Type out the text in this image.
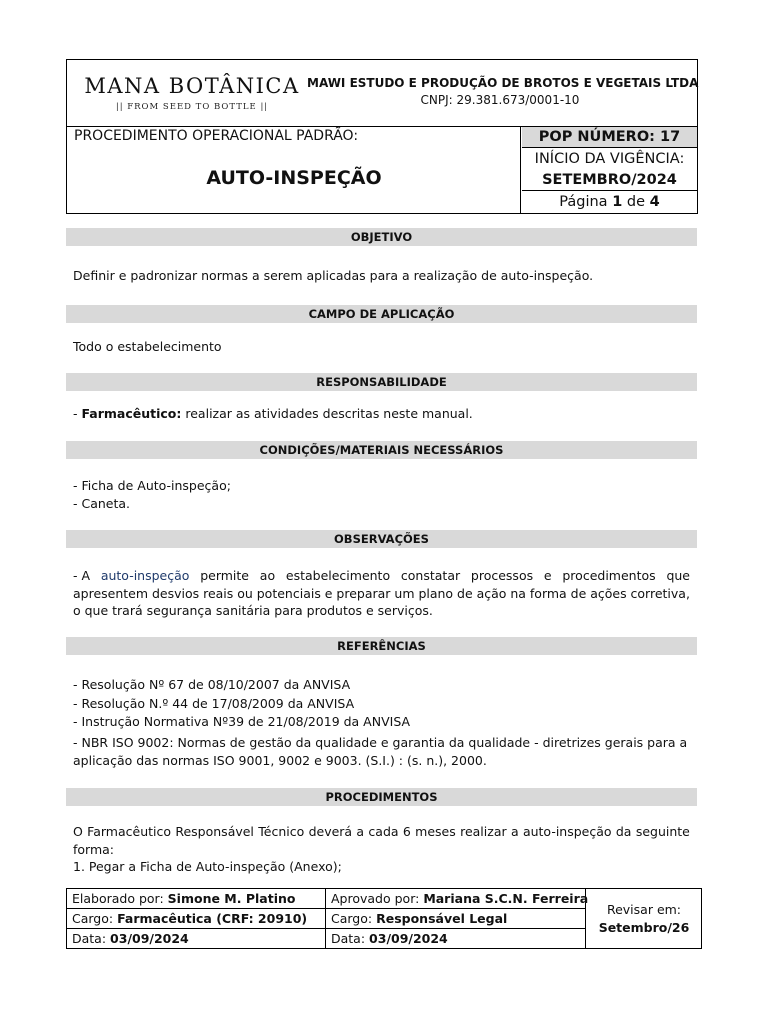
MANA BOTÂNICA
|| FROM SEED TO BOTTLE ||
MAWI ESTUDO E PRODUÇÃO DE BROTOS E VEGETAIS LTDA
CNPJ: 29.381.673/0001-10
PROCEDIMENTO OPERACIONAL PADRÃO:
AUTO-INSPEÇÃO
POP NÚMERO: 17
INÍCIO DA VIGÊNCIA:
SETEMBRO/2024
Página 1 de 4
OBJETIVO
Definir e padronizar normas a serem aplicadas para a realização de auto-inspeção.
CAMPO DE APLICAÇÃO
Todo o estabelecimento
RESPONSABILIDADE
- Farmacêutico: realizar as atividades descritas neste manual.
CONDIÇÕES/MATERIAIS NECESSÁRIOS
- Ficha de Auto-inspeção;
- Caneta.
OBSERVAÇÕES
- A auto-inspeção permite ao estabelecimento constatar processos e procedimentos que
apresentem desvios reais ou potenciais e preparar um plano de ação na forma de ações corretiva,
o que trará segurança sanitária para produtos e serviços.
REFERÊNCIAS
- Resolução Nº 67 de 08/10/2007 da ANVISA
- Resolução N.º 44 de 17/08/2009 da ANVISA
- Instrução Normativa Nº39 de 21/08/2019 da ANVISA
- NBR ISO 9002: Normas de gestão da qualidade e garantia da qualidade - diretrizes gerais para a
aplicação das normas ISO 9001, 9002 e 9003. (S.I.) : (s. n.), 2000.
PROCEDIMENTOS
O Farmacêutico Responsável Técnico deverá a cada 6 meses realizar a auto-inspeção da seguinte
forma:
1. Pegar a Ficha de Auto-inspeção (Anexo);
Elaborado por: Simone M. Platino
Cargo: Farmacêutica (CRF: 20910)
Data: 03/09/2024
Aprovado por: Mariana S.C.N. Ferreira
Cargo: Responsável Legal
Data: 03/09/2024
Revisar em:
Setembro/26
